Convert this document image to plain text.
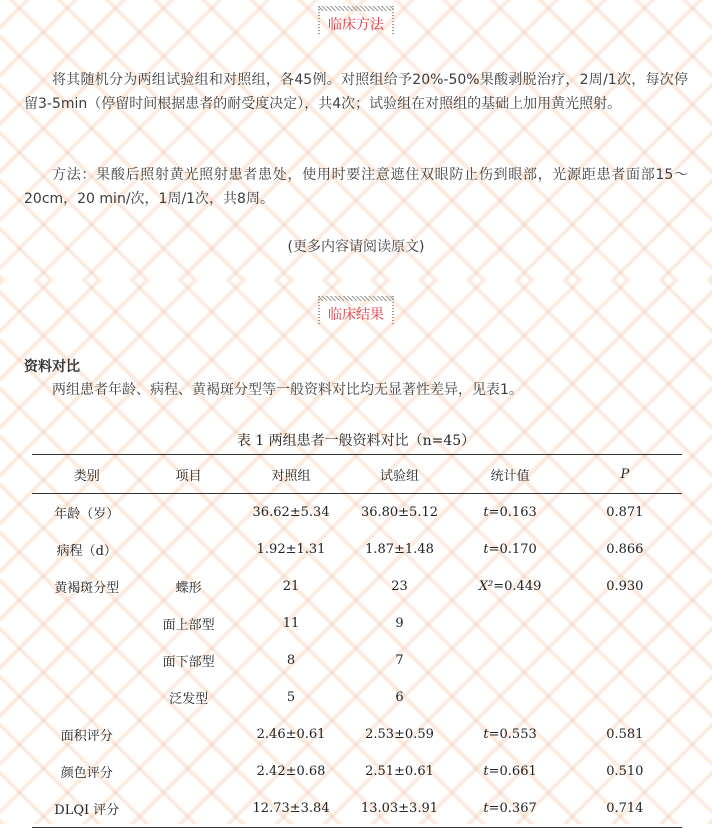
临床方法
将其随机分为两组试验组和对照组，各45例。对照组给予20%-50%果酸剥脱治疗，2周/1次，每次停留3-5min（停留时间根据患者的耐受度决定），共4次；试验组在对照组的基础上加用黄光照射。
方法：果酸后照射黄光照射患者患处，使用时要注意遮住双眼防止伤到眼部，光源距患者面部15～20cm，20 min/次，1周/1次，共8周。
(更多内容请阅读原文)
临床结果
资料对比
两组患者年龄、病程、黄褐斑分型等一般资料对比均无显著性差异，见表1。
表 1 两组患者一般资料对比（n=45）
类别	项目	对照组	试验组	统计值	P
年龄（岁）		36.62±5.34	36.80±5.12	t=0.163	0.871
病程（d）		1.92±1.31	1.87±1.48	t=0.170	0.866
黄褐斑分型	蝶形	21	23	X²=0.449	0.930
	面上部型	11	9		
	面下部型	8	7		
	泛发型	5	6		
面积评分		2.46±0.61	2.53±0.59	t=0.553	0.581
颜色评分		2.42±0.68	2.51±0.61	t=0.661	0.510
DLQI 评分		12.73±3.84	13.03±3.91	t=0.367	0.714
